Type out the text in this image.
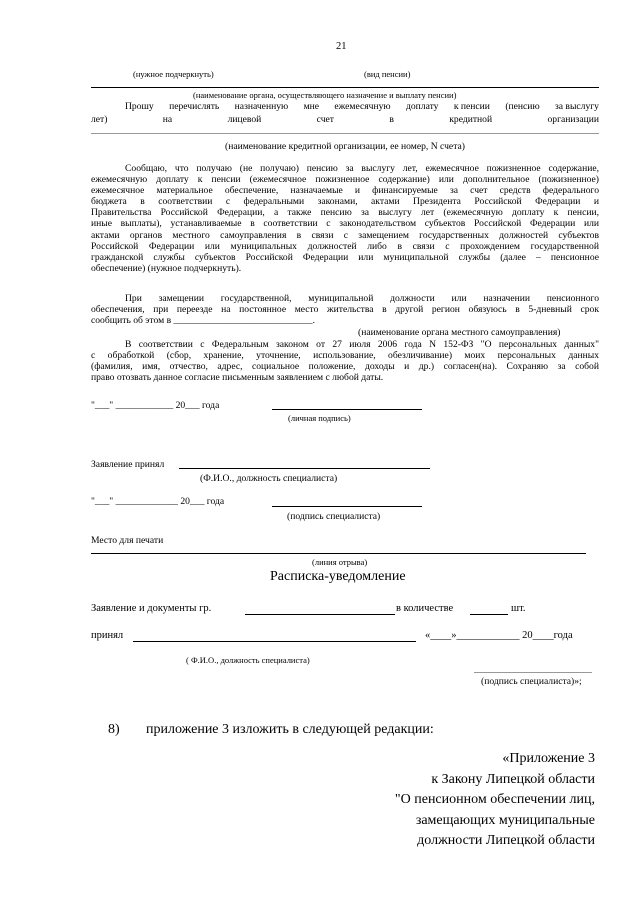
21
(нужное подчеркнуть)	(вид пенсии)
(наименование органа, осуществляющего назначение и выплату пенсии)
Прошу перечислять назначенную мне ежемесячную доплату к пенсии (пенсию за выслугу
лет)	на	лицевой	счет	в	кредитной	организации
(наименование кредитной организации, ее номер, N счета)
Сообщаю, что получаю (не получаю) пенсию за выслугу лет, ежемесячное пожизненное содержание,
ежемесячную доплату к пенсии (ежемесячное пожизненное содержание) или дополнительное (пожизненное)
ежемесячное материальное обеспечение, назначаемые и финансируемые за счет средств федерального
бюджета в соответствии с федеральными законами, актами Президента Российской Федерации и
Правительства Российской Федерации, а также пенсию за выслугу лет (ежемесячную доплату к пенсии,
иные выплаты), устанавливаемые в соответствии с законодательством субъектов Российской Федерации или
актами органов местного самоуправления в связи с замещением государственных должностей субъектов
Российской Федерации или муниципальных должностей либо в связи с прохождением государственной
гражданской службы субъектов Российской Федерации или муниципальной службы (далее – пенсионное
обеспечение) (нужное подчеркнуть).
При замещении государственной, муниципальной должности или назначении пенсионного
обеспечения, при переезде на постоянное место жительства в другой регион обязуюсь в 5-дневный срок
сообщить об этом в _____________________________.
(наименование органа местного самоуправления)
В соответствии с Федеральным законом от 27 июля 2006 года N 152-ФЗ "О персональных данных"
с обработкой (сбор, хранение, уточнение, использование, обезличивание) моих персональных данных
(фамилия, имя, отчество, адрес, социальное положение, доходы и др.) согласен(на). Сохраняю за собой
право отозвать данное согласие письменным заявлением с любой даты.
"___" ____________ 20___ года
(личная подпись)
Заявление принял
(Ф.И.О., должность специалиста)
"___" _____________ 20___ года
(подпись специалиста)
Место для печати
(линия отрыва)
Расписка-уведомление
Заявление и документы гр.	в количестве	шт.
принял	«____»____________ 20____года
( Ф.И.О., должность специалиста)
(подпись специалиста)»;
8) приложение 3 изложить в следующей редакции:
«Приложение 3
к Закону Липецкой области
"О пенсионном обеспечении лиц,
замещающих муниципальные
должности Липецкой области
